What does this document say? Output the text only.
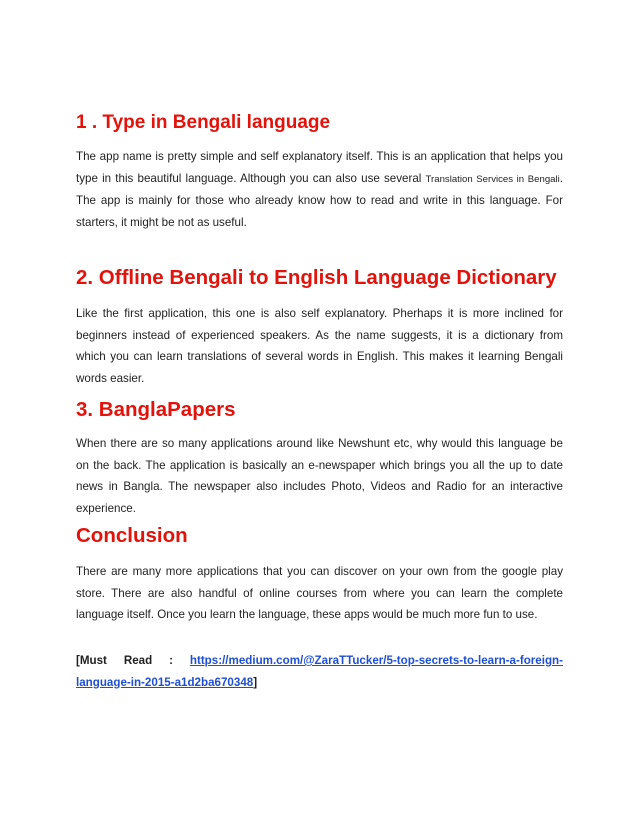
1 . Type in Bengali language

The app name is pretty simple and self explanatory itself. This is an application that helps you type in this beautiful language. Although you can also use several Translation Services in Bengali. The app is mainly for those who already know how to read and write in this language. For starters, it might be not as useful.

2. Offline Bengali to English Language Dictionary

Like the first application, this one is also self explanatory. Pherhaps it is more inclined for beginners instead of experienced speakers. As the name suggests, it is a dictionary from which you can learn translations of several words in English. This makes it learning Bengali words easier.

3. BanglaPapers

When there are so many applications around like Newshunt etc, why would this language be on the back. The application is basically an e-newspaper which brings you all the up to date news in Bangla. The newspaper also includes Photo, Videos and Radio for an interactive experience.

Conclusion

There are many more applications that you can discover on your own from the google play store. There are also handful of online courses from where you can learn the complete language itself. Once you learn the language, these apps would be much more fun to use.

[Must Read : https://medium.com/@ZaraTTucker/5-top-secrets-to-learn-a-foreign-language-in-2015-a1d2ba670348]
